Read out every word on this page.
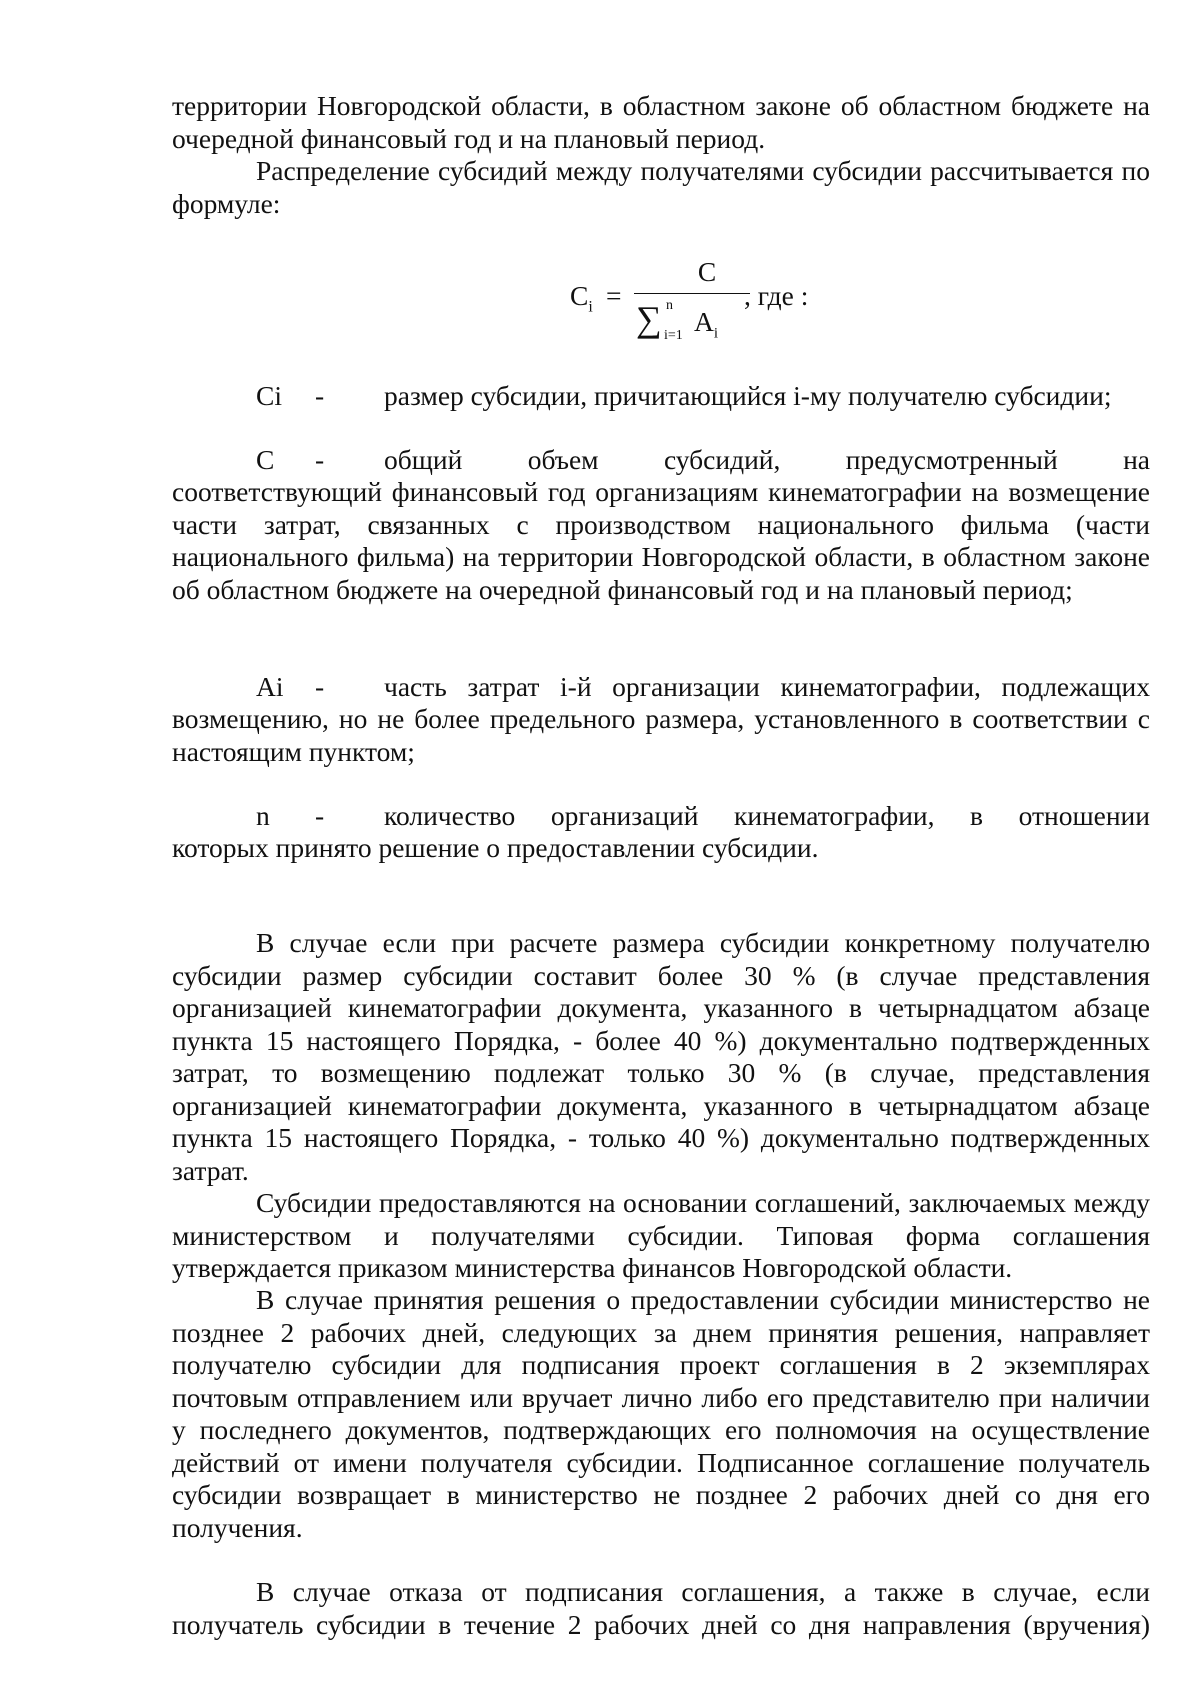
территории Новгородской области, в областном законе об областном бюджете на очередной финансовый год и на плановый период.

Распределение субсидий между получателями субсидии рассчитывается по формуле:

$C_i$ =
C
∑ n
i=1 $A_i$
, где :
Ci - размер субсидии, причитающийся i-му получателю субсидии;
С - общий объем субсидий, предусмотренный на

соответствующий финансовый год организациям кинематографии на возмещение части затрат, связанных с производством национального фильма (части национального фильма) на территории Новгородской области, в областном законе об областном бюджете на очередной финансовый год и на плановый период;

Ai - часть затрат i-й организации кинематографии, подлежащих

возмещению, но не более предельного размера, установленного в соответствии с настоящим пунктом;

n - количество организаций кинематографии, в отношении

которых принято решение о предоставлении субсидии.

В случае если при расчете размера субсидии конкретному получателю субсидии размер субсидии составит более 30 % (в случае представления организацией кинематографии документа, указанного в четырнадцатом абзаце пункта 15 настоящего Порядка, - более 40 %) документально подтвержденных затрат, то возмещению подлежат только 30 % (в случае, представления организацией кинематографии документа, указанного в четырнадцатом абзаце пункта 15 настоящего Порядка, - только 40 %) документально подтвержденных затрат.

Субсидии предоставляются на основании соглашений, заключаемых между министерством и получателями субсидии. Типовая форма соглашения утверждается приказом министерства финансов Новгородской области.

В случае принятия решения о предоставлении субсидии министерство не позднее 2 рабочих дней, следующих за днем принятия решения, направляет получателю субсидии для подписания проект соглашения в 2 экземплярах почтовым отправлением или вручает лично либо его представителю при наличии у последнего документов, подтверждающих его полномочия на осуществление действий от имени получателя субсидии. Подписанное соглашение получатель субсидии возвращает в министерство не позднее 2 рабочих дней со дня его получения.

В случае отказа от подписания соглашения, а также в случае, если получатель субсидии в течение 2 рабочих дней со дня направления (вручения)
